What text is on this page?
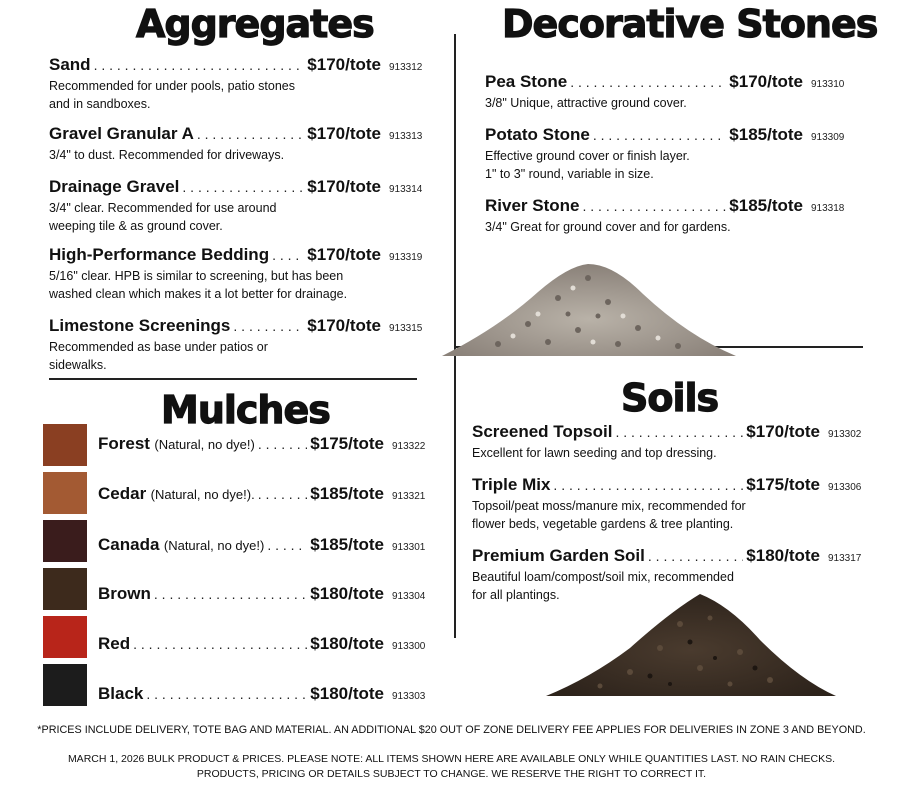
Aggregates	Decorative Stones
Mulches	Soils
Sand . . .	$170/tote 913312
Recommended for under pools, patio stones
and in sandboxes.
Gravel Granular A . . .	$170/tote 913313
3/4" to dust. Recommended for driveways.
Drainage Gravel . . .	$170/tote 913314
3/4" clear. Recommended for use around
weeping tile & as ground cover.
High-Performance Bedding . . . $170/tote 913319
5/16" clear. HPB is similar to screening, but has been
washed clean which makes it a lot better for drainage.
Limestone Screenings . . .	$170/tote 913315
Recommended as base under patios or
sidewalks.
Forest
(Natural, no dye!) . . .	$175/tote 913322
Cedar
(Natural, no dye!). . . .	$185/tote 913321
Canada
(Natural, no dye!) . . .	$185/tote 913301
Brown . . .	$180/tote 913304
Red . . .	$180/tote 913300
Black . . .	$180/tote 913303
Pea Stone . . .	$170/tote 913310
3/8" Unique, attractive ground cover.
Potato Stone . . .	$185/tote 913309
Effective ground cover or finish layer.
1" to 3" round, variable in size.
River Stone . . .	$185/tote 913318
3/4" Great for ground cover and for gardens.
Screened Topsoil . . .	$170/tote 913302
Excellent for lawn seeding and top dressing.
Triple Mix . . .	$175/tote 913306
Topsoil/peat moss/manure mix, recommended for
flower beds, vegetable gardens & tree planting.
Premium Garden Soil . . .	$180/tote 913317
Beautiful loam/compost/soil mix, recommended
for all plantings.
*PRICES INCLUDE DELIVERY, TOTE BAG AND MATERIAL. AN ADDITIONAL $20 OUT OF ZONE DELIVERY FEE APPLIES FOR DELIVERIES IN ZONE 3 AND BEYOND.
MARCH 1, 2026 BULK PRODUCT & PRICES. PLEASE NOTE: ALL ITEMS SHOWN HERE ARE AVAILABLE ONLY WHILE QUANTITIES LAST. NO RAIN CHECKS.
PRODUCTS, PRICING OR DETAILS SUBJECT TO CHANGE. WE RESERVE THE RIGHT TO CORRECT IT.
